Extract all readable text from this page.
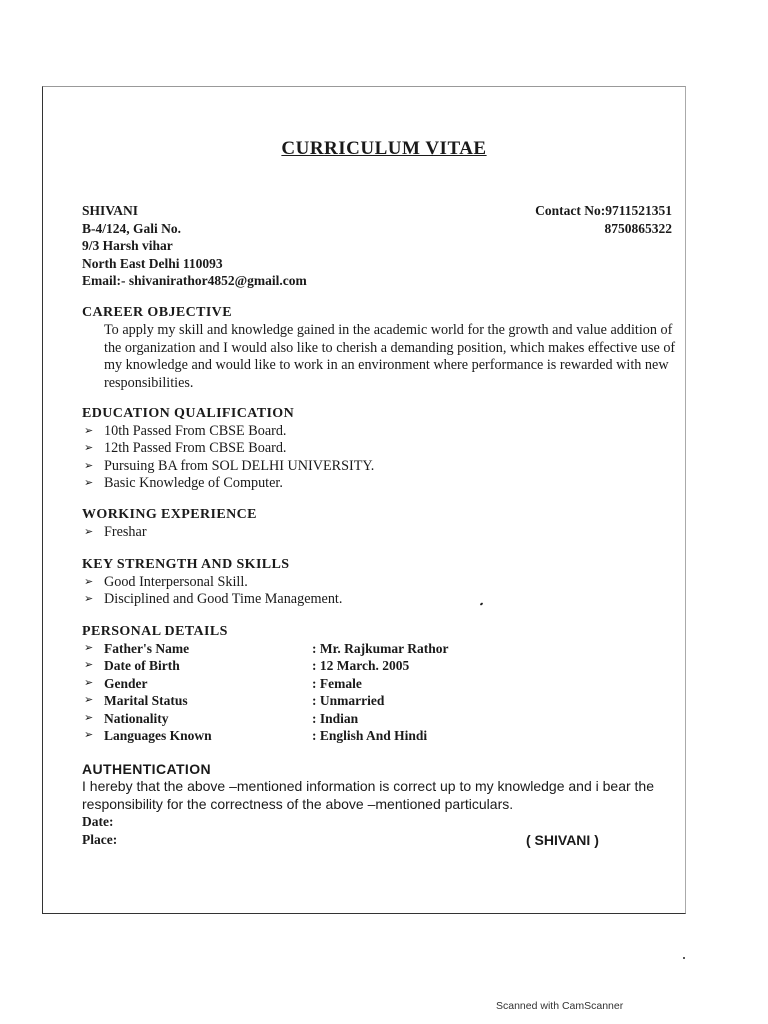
CURRICULUM VITAE
SHIVANI
B-4/124, Gali No.
9/3 Harsh vihar
North East Delhi 110093
Email:- shivanirathor4852@gmail.com
Contact No:9711521351
8750865322
CAREER OBJECTIVE
To apply my skill and knowledge gained in the academic world for the growth and value addition of the organization and I would also like to cherish a demanding position, which makes effective use of my knowledge and would like to work in an environment where performance is rewarded with new responsibilities.
EDUCATION QUALIFICATION
➢ 10th Passed From CBSE Board.
➢ 12th Passed From CBSE Board.
➢ Pursuing BA from SOL DELHI UNIVERSITY.
➢ Basic Knowledge of Computer.
WORKING EXPERIENCE
➢ Freshar
KEY STRENGTH AND SKILLS
➢ Good Interpersonal Skill.
➢ Disciplined and Good Time Management.
PERSONAL DETAILS
➢ Father's Name	: Mr. Rajkumar Rathor
➢ Date of Birth	: 12 March. 2005
➢ Gender	: Female
➢ Marital Status	: Unmarried
➢ Nationality	: Indian
➢ Languages Known	: English And Hindi
AUTHENTICATION
I hereby that the above –mentioned information is correct up to my knowledge and i bear the responsibility for the correctness of the above –mentioned particulars.
Date:
Place:	( SHIVANI )
Scanned with CamScanner
